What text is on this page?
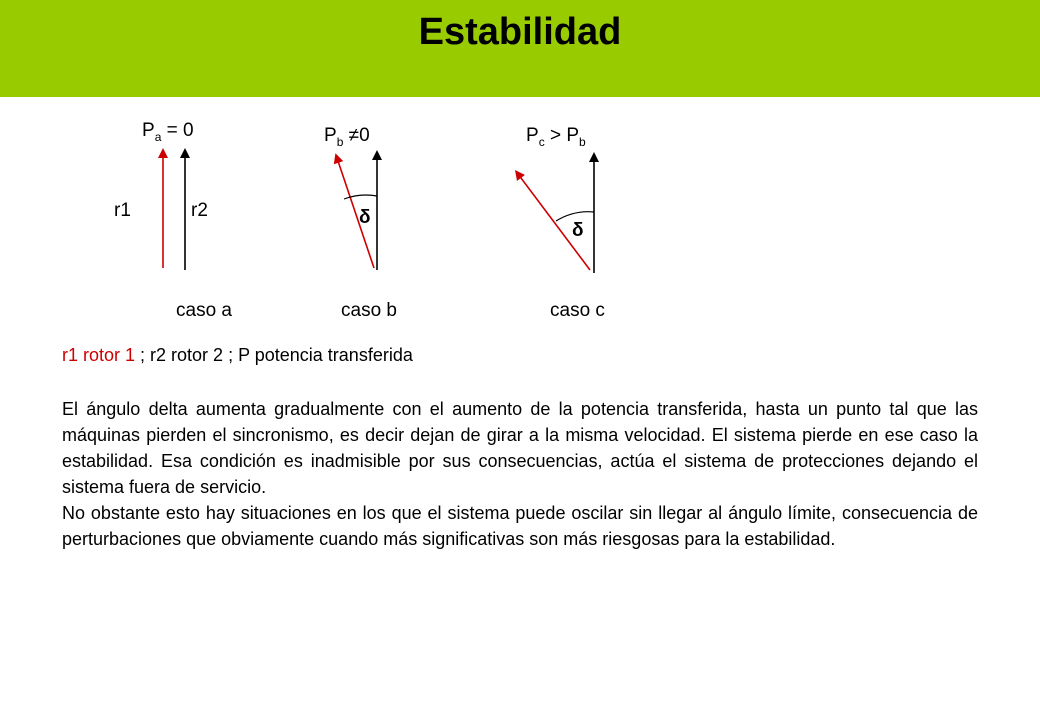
Estabilidad
$P_a = 0$
r1	r2
caso a
$P_b \ne 0$
δ
caso b
$P_c > P_b$
δ
caso c
r1 rotor 1 ; r2 rotor 2 ; P potencia transferida

El ángulo delta aumenta gradualmente con el aumento de la potencia transferida, hasta un punto tal que las máquinas pierden el sincronismo, es decir dejan de girar a la misma velocidad. El sistema pierde en ese caso la estabilidad. Esa condición es inadmisible por sus consecuencias, actúa el sistema de protecciones dejando el sistema fuera de servicio.

No obstante esto hay situaciones en los que el sistema puede oscilar sin llegar al ángulo límite, consecuencia de perturbaciones que obviamente cuando más significativas son más riesgosas para la estabilidad.
